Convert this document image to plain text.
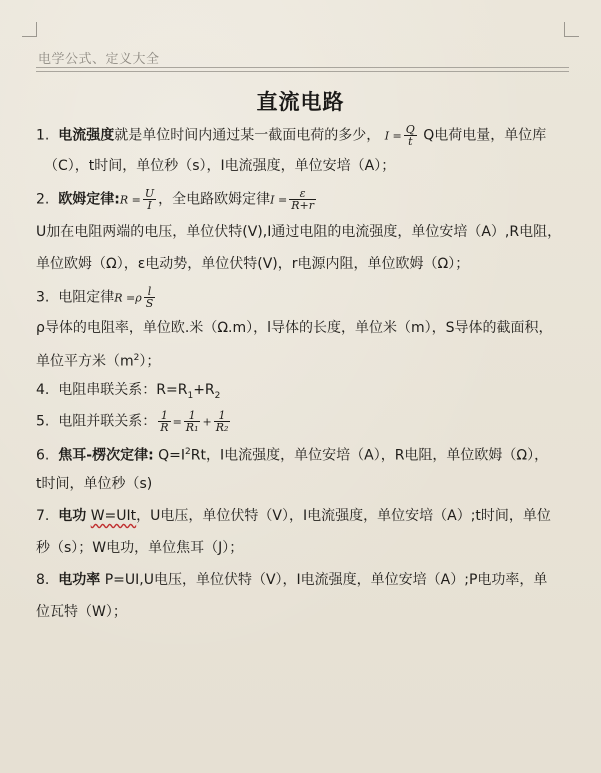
电学公式、定义大全
直流电路
1. 电流强度就是单位时间内通过某一截面电荷的多少， $I = \frac{Q}{t}$ Q电荷电量，单位库
（C），t时间，单位秒（s），I电流强度，单位安培（A）；
2. 欧姆定律:R = $\frac{U}{I}$ ，全电路欧姆定律$I = \frac{\varepsilon}{R+r}$
U加在电阻两端的电压，单位伏特(V),I通过电阻的电流强度，单位安培（A）,R电阻，
单位欧姆（Ω），ε电动势，单位伏特(V)，r电源内阻，单位欧姆（Ω）；
3. 电阻定律$R =\rho \frac{l}{S}$
ρ导体的电阻率，单位欧.米（Ω.m），l导体的长度，单位米（m），S导体的截面积，
单位平方米$(m^2)$；
4. 电阻串联关系：$R=R_1+R_2$
5. 电阻并联关系： $\frac{1}{R} = \frac{1}{\text{R₁}} + \frac{1}{\text{R₂}}$
6. 焦耳-楞次定律: $Q=I^2Rt$，I电流强度，单位安培（A），R电阻，单位欧姆（Ω），
t时间，单位秒（s)
7. 电功 W=UIt，U电压，单位伏特（V），I电流强度，单位安培（A）;t时间，单位
秒（s）；W电功，单位焦耳（J）；
8. 电功率 P=UI,U电压，单位伏特（V），I电流强度，单位安培（A）;P电功率，单
位瓦特（W）；
